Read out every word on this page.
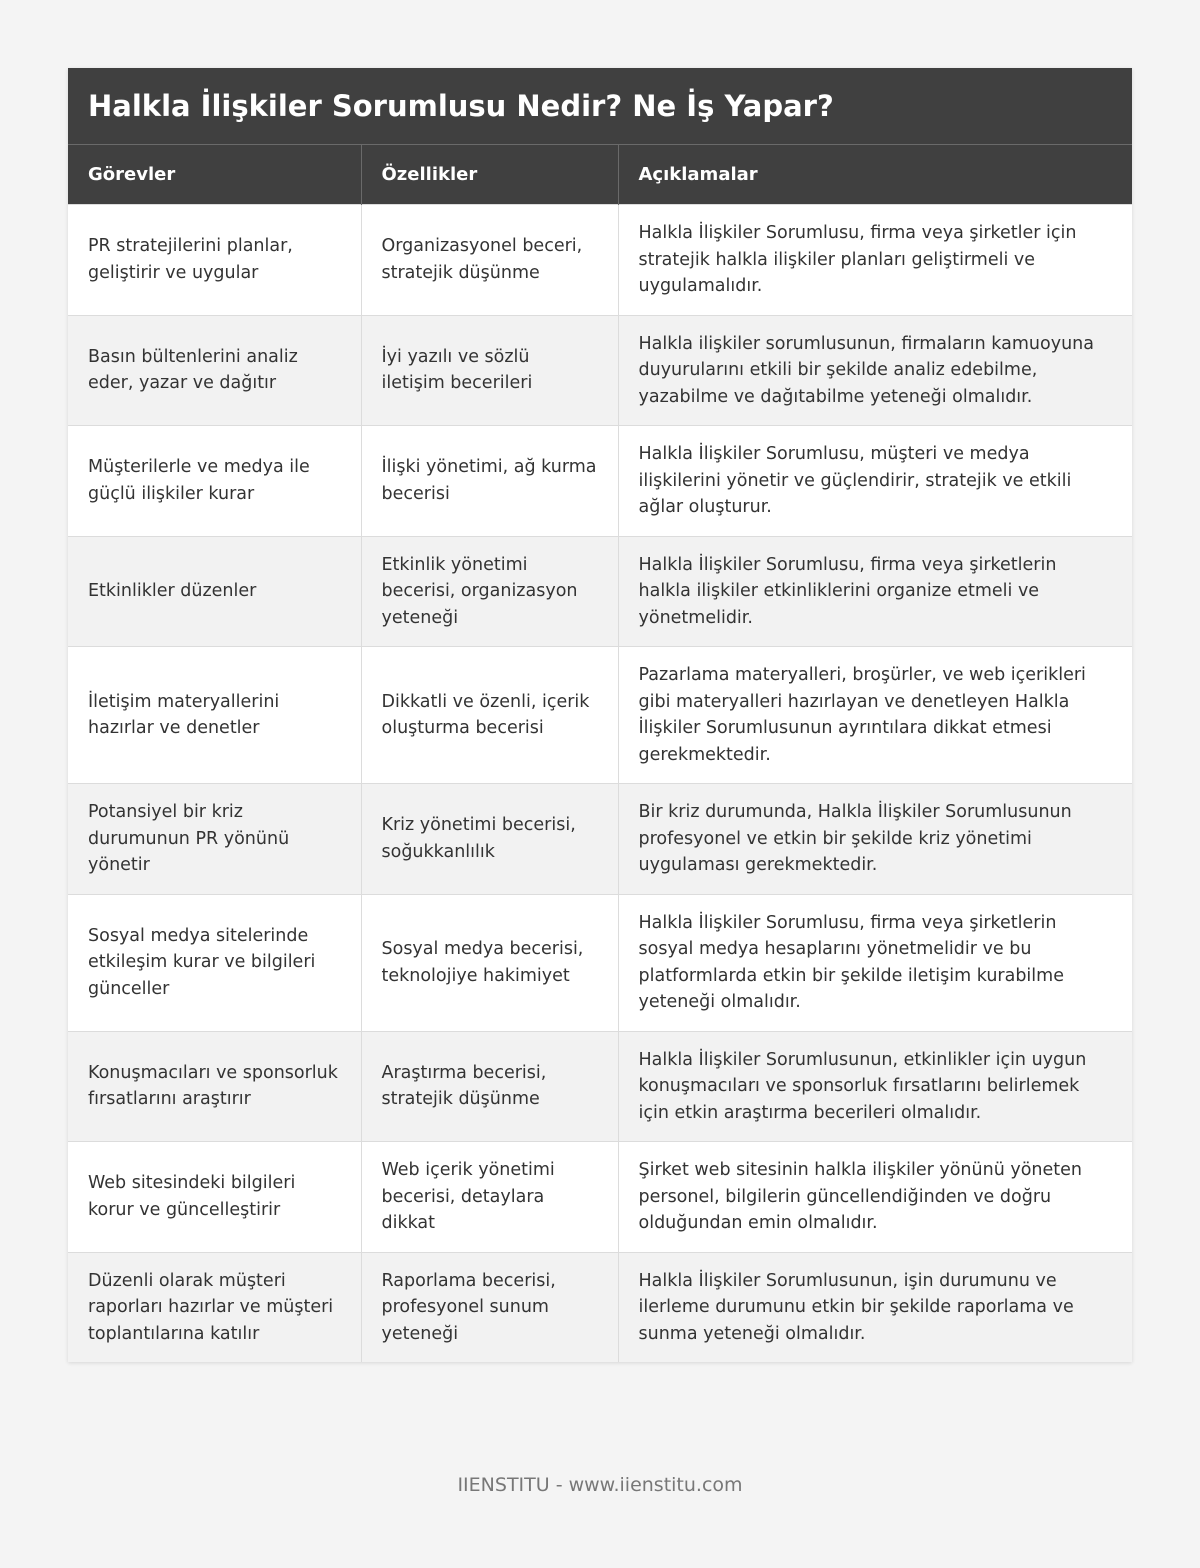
Halkla İlişkiler Sorumlusu Nedir? Ne İş Yapar?
Görevler	Özellikler	Açıklamalar
PR stratejilerini planlar, geliştirir ve uygular	Organizasyonel beceri, stratejik düşünme	Halkla İlişkiler Sorumlusu, firma veya şirketler için stratejik halkla ilişkiler planları geliştirmeli ve uygulamalıdır.
Basın bültenlerini analiz eder, yazar ve dağıtır	İyi yazılı ve sözlü iletişim becerileri	Halkla ilişkiler sorumlusunun, firmaların kamuoyuna duyurularını etkili bir şekilde analiz edebilme, yazabilme ve dağıtabilme yeteneği olmalıdır.
Müşterilerle ve medya ile güçlü ilişkiler kurar	İlişki yönetimi, ağ kurma becerisi	Halkla İlişkiler Sorumlusu, müşteri ve medya ilişkilerini yönetir ve güçlendirir, stratejik ve etkili ağlar oluşturur.
Etkinlikler düzenler	Etkinlik yönetimi becerisi, organizasyon yeteneği	Halkla İlişkiler Sorumlusu, firma veya şirketlerin halkla ilişkiler etkinliklerini organize etmeli ve yönetmelidir.
İletişim materyallerini hazırlar ve denetler	Dikkatli ve özenli, içerik oluşturma becerisi	Pazarlama materyalleri, broşürler, ve web içerikleri gibi materyalleri hazırlayan ve denetleyen Halkla İlişkiler Sorumlusunun ayrıntılara dikkat etmesi gerekmektedir.
Potansiyel bir kriz durumunun PR yönünü yönetir	Kriz yönetimi becerisi, soğukkanlılık	Bir kriz durumunda, Halkla İlişkiler Sorumlusunun profesyonel ve etkin bir şekilde kriz yönetimi uygulaması gerekmektedir.
Sosyal medya sitelerinde etkileşim kurar ve bilgileri günceller	Sosyal medya becerisi, teknolojiye hakimiyet	Halkla İlişkiler Sorumlusu, firma veya şirketlerin sosyal medya hesaplarını yönetmelidir ve bu platformlarda etkin bir şekilde iletişim kurabilme yeteneği olmalıdır.
Konuşmacıları ve sponsorluk fırsatlarını araştırır	Araştırma becerisi, stratejik düşünme	Halkla İlişkiler Sorumlusunun, etkinlikler için uygun konuşmacıları ve sponsorluk fırsatlarını belirlemek için etkin araştırma becerileri olmalıdır.
Web sitesindeki bilgileri korur ve güncelleştirir	Web içerik yönetimi becerisi, detaylara dikkat	Şirket web sitesinin halkla ilişkiler yönünü yöneten personel, bilgilerin güncellendiğinden ve doğru olduğundan emin olmalıdır.
Düzenli olarak müşteri raporları hazırlar ve müşteri toplantılarına katılır	Raporlama becerisi, profesyonel sunum yeteneği	Halkla İlişkiler Sorumlusunun, işin durumunu ve ilerleme durumunu etkin bir şekilde raporlama ve sunma yeteneği olmalıdır.
IIENSTITU - www.iienstitu.com
